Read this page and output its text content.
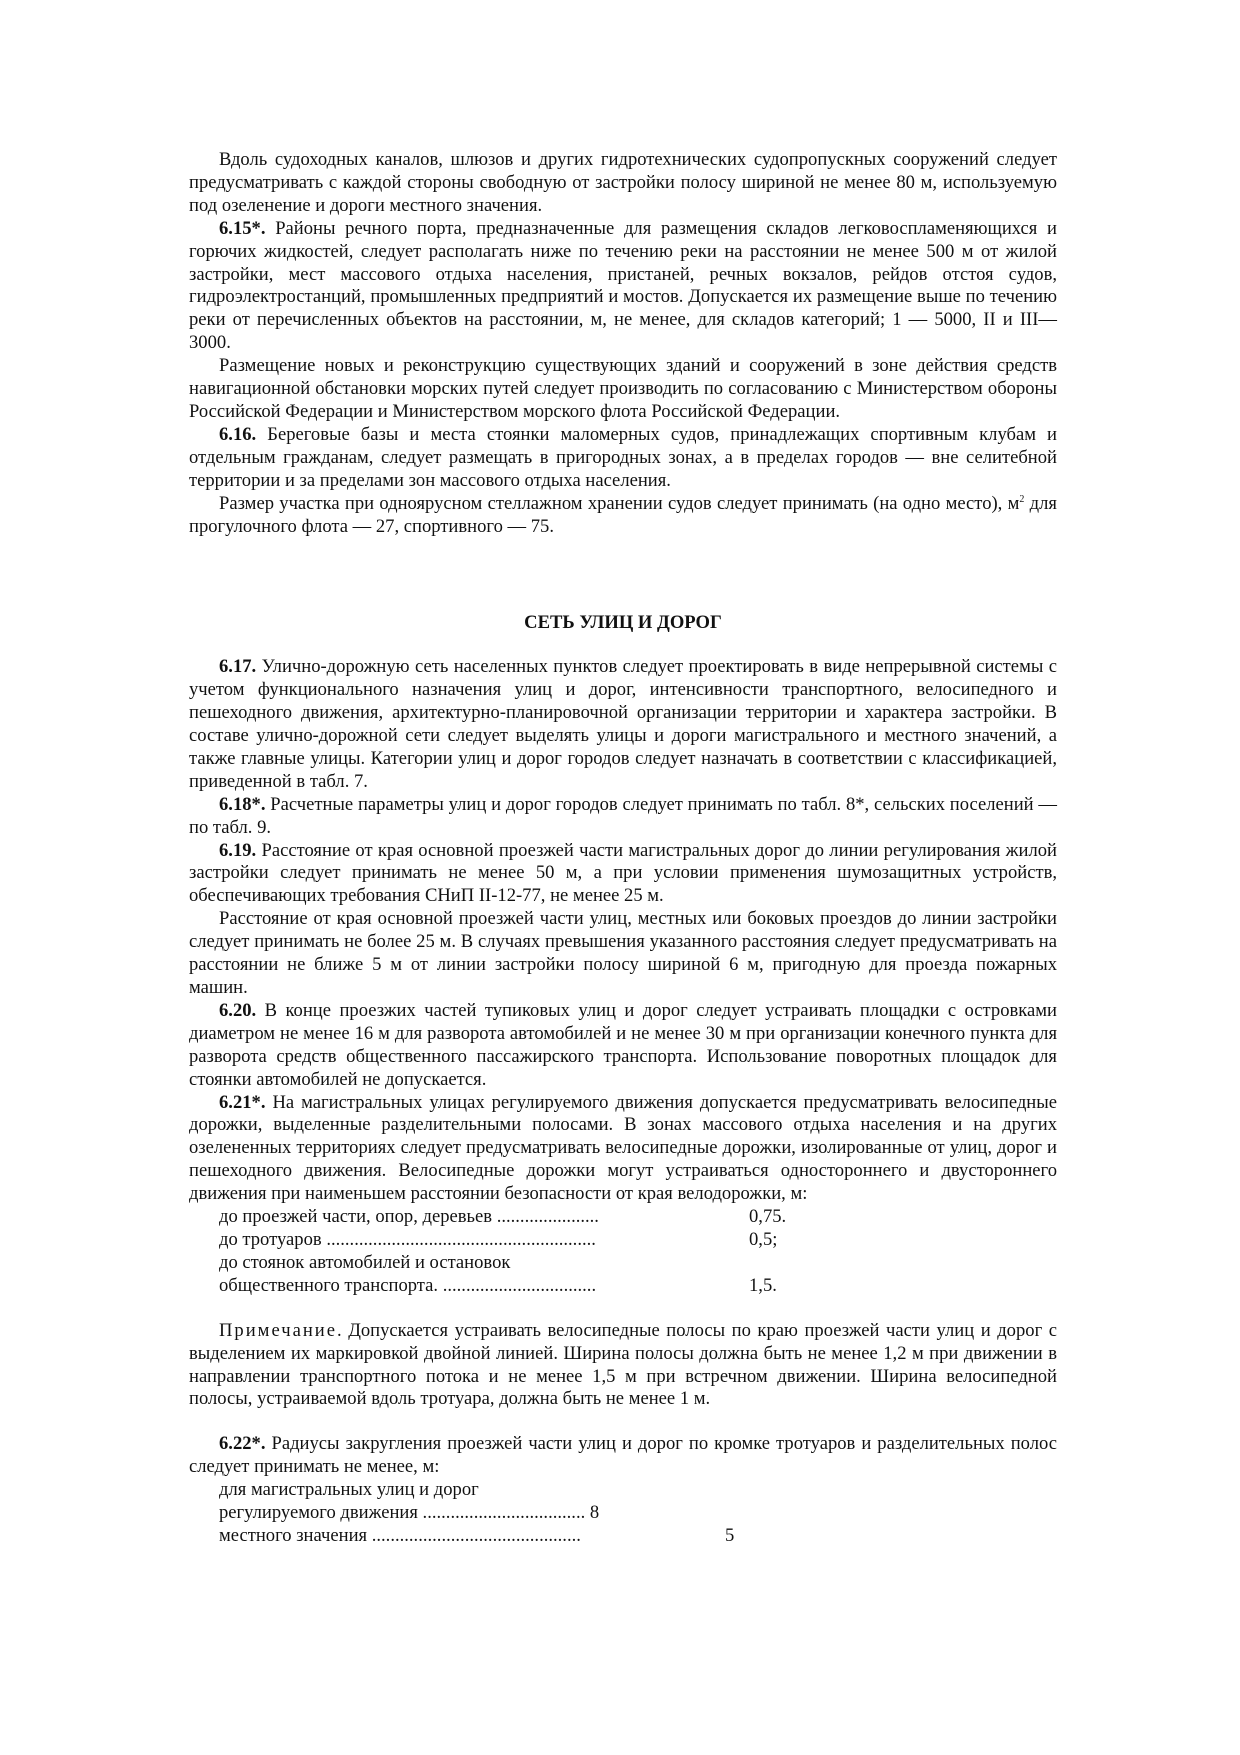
Вдоль судоходных каналов, шлюзов и других гидротехнических судопропускных сооружений следует предусматривать с каждой стороны свободную от застройки полосу шириной не менее 80 м, используемую под озеленение и дороги местного значения.

6.15*. Районы речного порта, предназначенные для размещения складов легковоспламеняющихся и горючих жидкостей, следует располагать ниже по течению реки на расстоянии не менее 500 м от жилой застройки, мест массового отдыха населения, пристаней, речных вокзалов, рейдов отстоя судов, гидроэлектростанций, промышленных предприятий и мостов. Допускается их размещение выше по течению реки от перечисленных объектов на расстоянии, м, не менее, для складов категорий; 1 — 5000, II и III— 3000.

Размещение новых и реконструкцию существующих зданий и сооружений в зоне действия средств навигационной обстановки морских путей следует производить по согласованию с Министерством обороны Российской Федерации и Министерством морского флота Российской Федерации.

6.16. Береговые базы и места стоянки маломерных судов, принадлежащих спортивным клубам и отдельным гражданам, следует размещать в пригородных зонах, а в пределах городов — вне селитебной территории и за пределами зон массового отдыха населения.

Размер участка при одноярусном стеллажном хранении судов следует принимать (на одно место), $м^2$ для прогулочного флота — 27, спортивного — 75.

СЕТЬ УЛИЦ И ДОРОГ

6.17. Улично-дорожную сеть населенных пунктов следует проектировать в виде непрерывной системы с учетом функционального назначения улиц и дорог, интенсивности транспортного, велосипедного и пешеходного движения, архитектурно-планировочной организации территории и характера застройки. В составе улично-дорожной сети следует выделять улицы и дороги магистрального и местного значений, а также главные улицы. Категории улиц и дорог городов следует назначать в соответствии с классификацией, приведенной в табл. 7.

6.18*. Расчетные параметры улиц и дорог городов следует принимать по табл. 8*, сельских поселений — по табл. 9.

6.19. Расстояние от края основной проезжей части магистральных дорог до линии регулирования жилой застройки следует принимать не менее 50 м, а при условии применения шумозащитных устройств, обеспечивающих требования СНиП II-12-77, не менее 25 м.

Расстояние от края основной проезжей части улиц, местных или боковых проездов до линии застройки следует принимать не более 25 м. В случаях превышения указанного расстояния следует предусматривать на расстоянии не ближе 5 м от линии застройки полосу шириной 6 м, пригодную для проезда пожарных машин.

6.20. В конце проезжих частей тупиковых улиц и дорог следует устраивать площадки с островками диаметром не менее 16 м для разворота автомобилей и не менее 30 м при организации конечного пункта для разворота средств общественного пассажирского транспорта. Использование поворотных площадок для стоянки автомобилей не допускается.

6.21*. На магистральных улицах регулируемого движения допускается предусматривать велосипедные дорожки, выделенные разделительными полосами. В зонах массового отдыха населения и на других озелененных территориях следует предусматривать велосипедные дорожки, изолированные от улиц, дорог и пешеходного движения. Велосипедные дорожки могут устраиваться одностороннего и двустороннего движения при наименьшем расстоянии безопасности от края велодорожки, м:

до проезжей части, опор, деревьев ......................	0,75.
до тротуаров ..........................................................	0,5;
до стоянок автомобилей и остановок
общественного транспорта. .................................	1,5.

Примечание. Допускается устраивать велосипедные полосы по краю проезжей части улиц и дорог с выделением их маркировкой двойной линией. Ширина полосы должна быть не менее 1,2 м при движении в направлении транспортного потока и не менее 1,5 м при встречном движении. Ширина велосипедной полосы, устраиваемой вдоль тротуара, должна быть не менее 1 м.

6.22*. Радиусы закругления проезжей части улиц и дорог по кромке тротуаров и разделительных полос следует принимать не менее, м:

для магистральных улиц и дорог
регулируемого движения ................................... 8
местного значения .............................................	5
